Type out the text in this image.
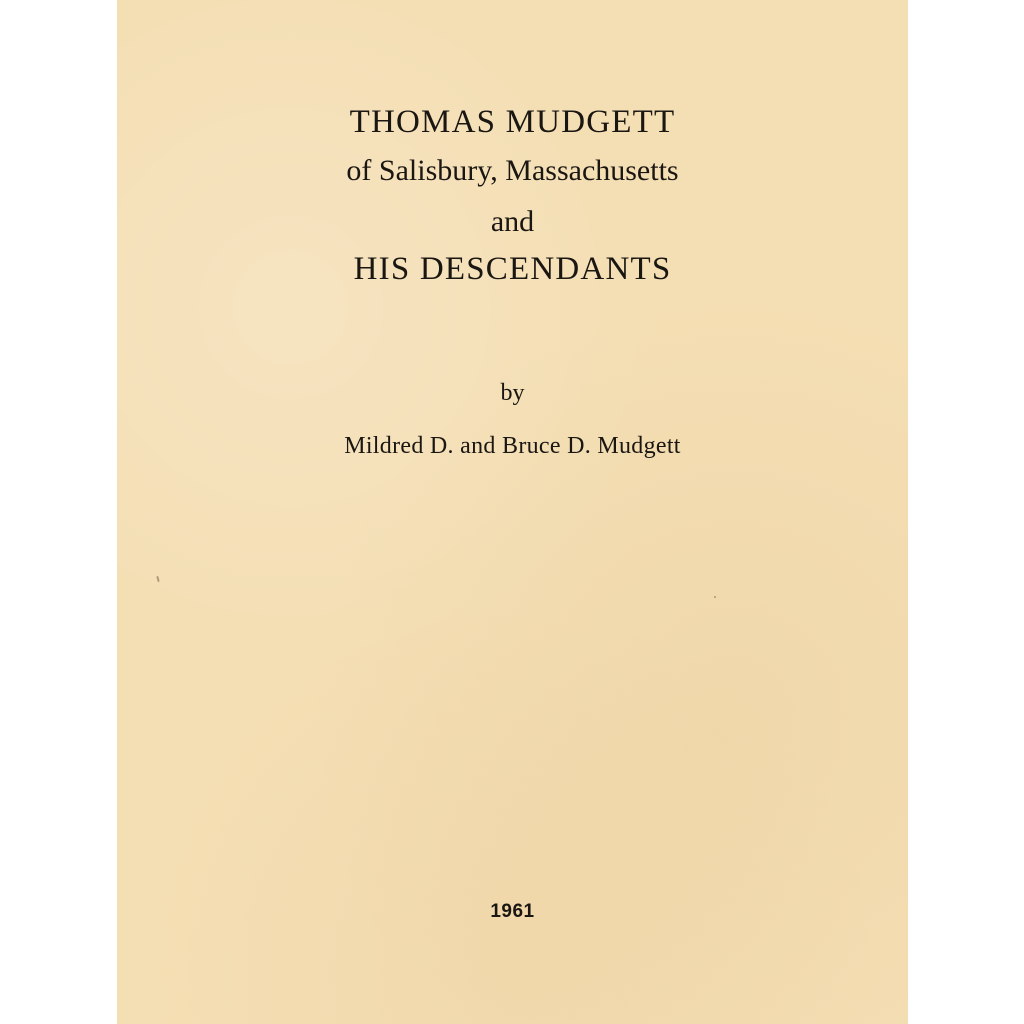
THOMAS MUDGETT
of Salisbury, Massachusetts
and
HIS DESCENDANTS
by
Mildred D. and Bruce D. Mudgett
1961
